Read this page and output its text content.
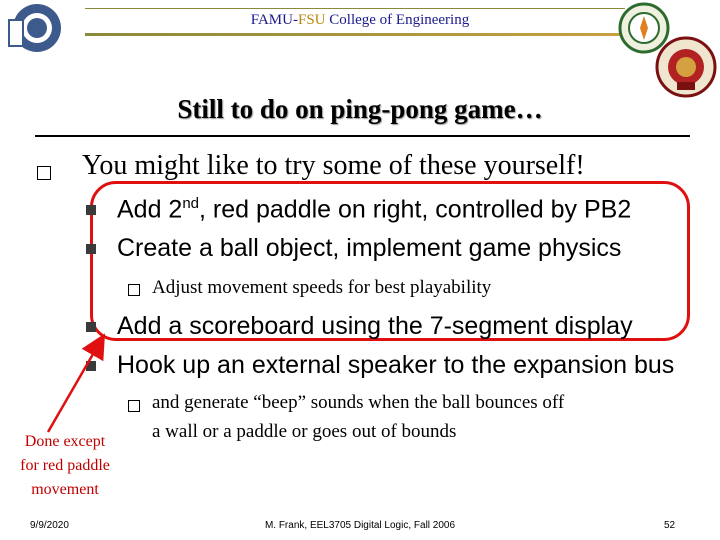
FAMU-FSU College of Engineering
Still to do on ping-pong game…
You might like to try some of these yourself!
Add 2nd, red paddle on right, controlled by PB2
Create a ball object, implement game physics
Adjust movement speeds for best playability
Add a scoreboard using the 7-segment display
Hook up an external speaker to the expansion bus
and generate “beep” sounds when the ball bounces off
a wall or a paddle or goes out of bounds
Done except
for red paddle
movement
9/9/2020	M. Frank, EEL3705 Digital Logic, Fall 2006	52
